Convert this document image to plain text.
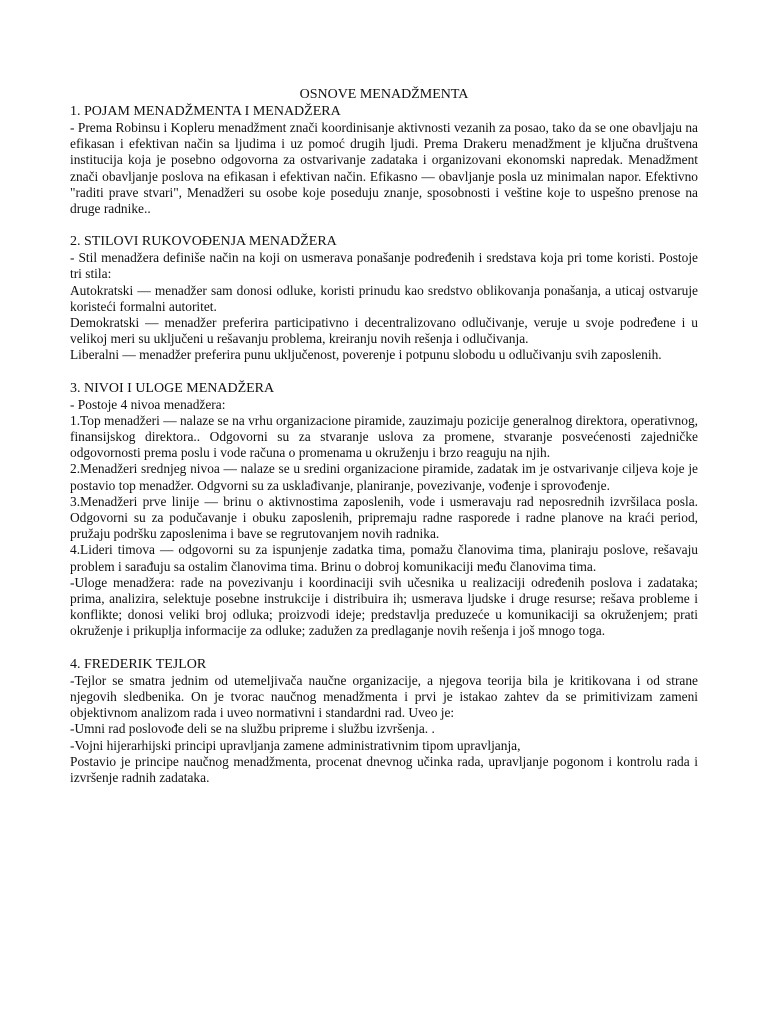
OSNOVE MENADŽMENTA

1. POJAM MENADŽMENTA I MENADŽERA

- Prema Robinsu i Kopleru menadžment znači koordinisanje aktivnosti vezanih za posao, tako da se one obavljaju na efikasan i efektivan način sa ljudima i uz pomoć drugih ljudi. Prema Drakeru menadžment je ključna društvena institucija koja je posebno odgovorna za ostvarivanje zadataka i organizovani ekonomski napredak. Menadžment znači obavljanje poslova na efikasan i efektivan način. Efikasno — obavljanje posla uz minimalan napor. Efektivno "raditi prave stvari", Menadžeri su osobe koje poseduju znanje, sposobnosti i veštine koje to uspešno prenose na druge radnike..

2. STILOVI RUKOVOĐENJA MENADŽERA

- Stil menadžera definiše način na koji on usmerava ponašanje podređenih i sredstava koja pri tome koristi. Postoje tri stila:

Autokratski — menadžer sam donosi odluke, koristi prinudu kao sredstvo oblikovanja ponašanja, a uticaj ostvaruje koristeći formalni autoritet.

Demokratski — menadžer preferira participativno i decentralizovano odlučivanje, veruje u svoje podređene i u velikoj meri su uključeni u rešavanju problema, kreiranju novih rešenja i odlučivanja.

Liberalni — menadžer preferira punu uključenost, poverenje i potpunu slobodu u odlučivanju svih zaposlenih.

3. NIVOI I ULOGE MENADŽERA

- Postoje 4 nivoa menadžera:

1.Top menadžeri — nalaze se na vrhu organizacione piramide, zauzimaju pozicije generalnog direktora, operativnog, finansijskog direktora.. Odgovorni su za stvaranje uslova za promene, stvaranje posvećenosti zajedničke odgovornosti prema poslu i vode računa o promenama u okruženju i brzo reaguju na njih.

2.Menadžeri srednjeg nivoa — nalaze se u sredini organizacione piramide, zadatak im je ostvarivanje ciljeva koje je postavio top menadžer. Odgvorni su za usklađivanje, planiranje, povezivanje, vođenje i sprovođenje.

3.Menadžeri prve linije — brinu o aktivnostima zaposlenih, vode i usmeravaju rad neposrednih izvršilaca posla. Odgovorni su za podučavanje i obuku zaposlenih, pripremaju radne rasporede i radne planove na kraći period, pružaju podršku zaposlenima i bave se regrutovanjem novih radnika.

4.Lideri timova — odgovorni su za ispunjenje zadatka tima, pomažu članovima tima, planiraju poslove, rešavaju problem i sarađuju sa ostalim članovima tima. Brinu o dobroj komunikaciji među članovima tima.

-Uloge menadžera: rade na povezivanju i koordinaciji svih učesnika u realizaciji određenih poslova i zadataka; prima, analizira, selektuje posebne instrukcije i distribuira ih; usmerava ljudske i druge resurse; rešava probleme i konflikte; donosi veliki broj odluka; proizvodi ideje; predstavlja preduzeće u komunikaciji sa okruženjem; prati okruženje i prikuplja informacije za odluke; zadužen za predlaganje novih rešenja i još mnogo toga.

4. FREDERIK TEJLOR

-Tejlor se smatra jednim od utemeljivača naučne organizacije, a njegova teorija bila je kritikovana i od strane njegovih sledbenika. On je tvorac naučnog menadžmenta i prvi je istakao zahtev da se primitivizam zameni objektivnom analizom rada i uveo normativni i standardni rad. Uveo je:

-Umni rad poslovođe deli se na službu pripreme i službu izvršenja. .

-Vojni hijerarhijski principi upravljanja zamene administrativnim tipom upravljanja,

Postavio je principe naučnog menadžmenta, procenat dnevnog učinka rada, upravljanje pogonom i kontrolu rada i izvršenje radnih zadataka.
